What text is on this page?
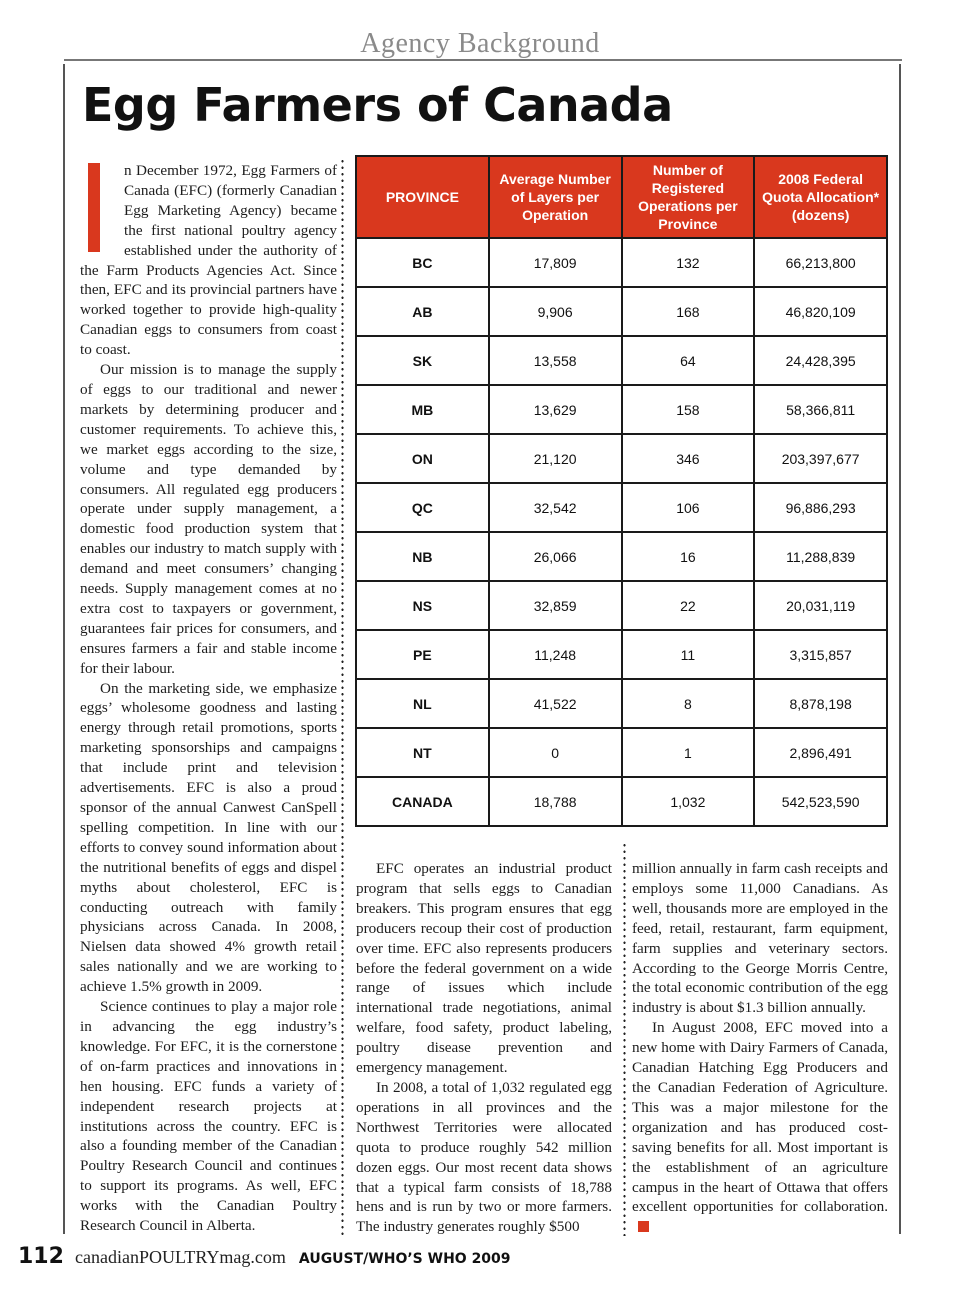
Agency Background
Egg Farmers of Canada

n December 1972, Egg Farmers of Canada (EFC) (formerly Canadian Egg Marketing Agency) became the first national poultry agency established under the authority of the Farm Products Agencies Act. Since then, EFC and its provincial partners have worked together to provide high-quality Canadian eggs to consumers from coast to coast.

Our mission is to manage the supply of eggs to our traditional and newer markets by determining producer and customer requirements. To achieve this, we market eggs according to the size, volume and type demanded by consumers. All regulated egg producers operate under supply management, a domestic food production system that enables our industry to match supply with demand and meet consumers’ changing needs. Supply management comes at no extra cost to taxpayers or government, guarantees fair prices for consumers, and ensures farmers a fair and stable income for their labour.

On the marketing side, we emphasize eggs’ wholesome goodness and lasting energy through retail promotions, sports marketing sponsorships and campaigns that include print and television advertisements. EFC is also a proud sponsor of the annual Canwest CanSpell spelling competition. In line with our efforts to convey sound information about the nutritional benefits of eggs and dispel myths about cholesterol, EFC is conducting outreach with family physicians across Canada. In 2008, Nielsen data showed 4% growth retail sales nationally and we are working to achieve 1.5% growth in 2009.

Science continues to play a major role in advancing the egg industry’s knowledge. For EFC, it is the cornerstone of on-farm practices and innovations in hen housing. EFC funds a variety of independent research projects at institutions across the country. EFC is also a founding member of the Canadian Poultry Research Council and continues to support its programs. As well, EFC works with the Canadian Poultry Research Council in Alberta.

PROVINCE	Average Number of Layers per Operation	Number of Registered Operations per Province	2008 Federal Quota Allocation* (dozens)
BC	17,809	132	66,213,800
AB	9,906	168	46,820,109
SK	13,558	64	24,428,395
MB	13,629	158	58,366,811
ON	21,120	346	203,397,677
QC	32,542	106	96,886,293
NB	26,066	16	11,288,839
NS	32,859	22	20,031,119
PE	11,248	11	3,315,857
NL	41,522	8	8,878,198
NT	0	1	2,896,491
CANADA	18,788	1,032	542,523,590

EFC operates an industrial product program that sells eggs to Canadian breakers. This program ensures that egg producers recoup their cost of production over time. EFC also represents producers before the federal government on a wide range of issues which include international trade negotiations, animal welfare, food safety, product labeling, poultry disease prevention and emergency management.

In 2008, a total of 1,032 regulated egg operations in all provinces and the Northwest Territories were allocated quota to produce roughly 542 million dozen eggs. Our most recent data shows that a typical farm consists of 18,788 hens and is run by two or more farmers. The industry generates roughly $500

million annually in farm cash receipts and employs some 11,000 Canadians. As well, thousands more are employed in the feed, retail, restaurant, farm equipment, farm supplies and veterinary sectors. According to the George Morris Centre, the total economic contribution of the egg industry is about $1.3 billion annually.

In August 2008, EFC moved into a new home with Dairy Farmers of Canada, Canadian Hatching Egg Producers and the Canadian Federation of Agriculture. This was a major milestone for the organization and has produced cost-saving benefits for all. Most important is the establishment of an agriculture campus in the heart of Ottawa that offers excellent opportunities for collaboration.

112 canadianPOULTRYmag.com AUGUST/WHO’S WHO 2009
